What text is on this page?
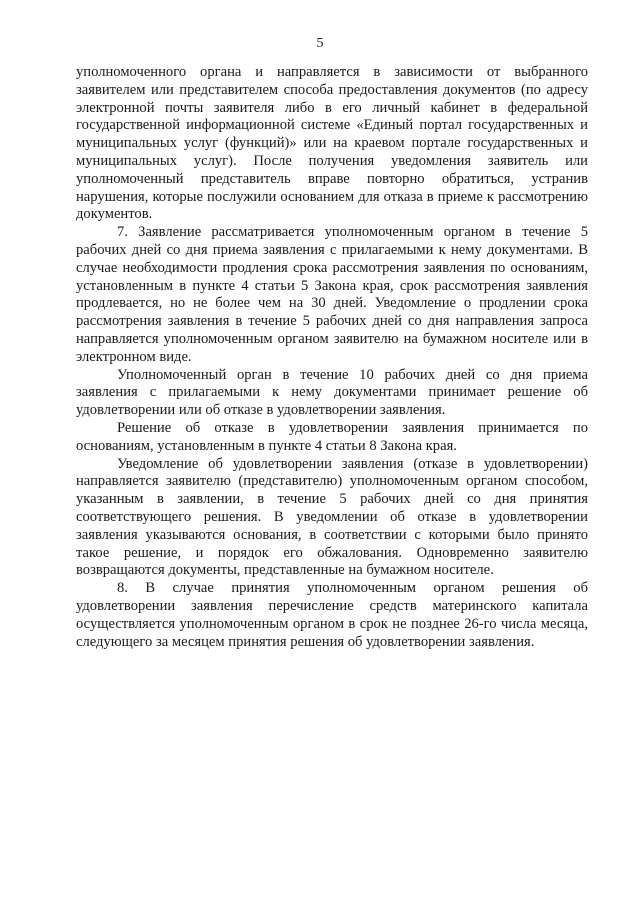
5

уполномоченного органа и направляется в зависимости от выбранного заявителем или представителем способа предоставления документов (по адресу электронной почты заявителя либо в его личный кабинет в федеральной государственной информационной системе «Единый портал государственных и муниципальных услуг (функций)» или на краевом портале государственных и муниципальных услуг). После получения уведомления заявитель или уполномоченный представитель вправе повторно обратиться, устранив нарушения, которые послужили основанием для отказа в приеме к рассмотрению документов.

7. Заявление рассматривается уполномоченным органом в течение 5 рабочих дней со дня приема заявления с прилагаемыми к нему документами. В случае необходимости продления срока рассмотрения заявления по основаниям, установленным в пункте 4 статьи 5 Закона края, срок рассмотрения заявления продлевается, но не более чем на 30 дней. Уведомление о продлении срока рассмотрения заявления в течение 5 рабочих дней со дня направления запроса направляется уполномоченным органом заявителю на бумажном носителе или в электронном виде.

Уполномоченный орган в течение 10 рабочих дней со дня приема заявления с прилагаемыми к нему документами принимает решение об удовлетворении или об отказе в удовлетворении заявления.

Решение об отказе в удовлетворении заявления принимается по основаниям, установленным в пункте 4 статьи 8 Закона края.

Уведомление об удовлетворении заявления (отказе в удовлетворении) направляется заявителю (представителю) уполномоченным органом способом, указанным в заявлении, в течение 5 рабочих дней со дня принятия соответствующего решения. В уведомлении об отказе в удовлетворении заявления указываются основания, в соответствии с которыми было принято такое решение, и порядок его обжалования. Одновременно заявителю возвращаются документы, представленные на бумажном носителе.

8. В случае принятия уполномоченным органом решения об удовлетворении заявления перечисление средств материнского капитала осуществляется уполномоченным органом в срок не позднее 26-го числа месяца, следующего за месяцем принятия решения об удовлетворении заявления.
